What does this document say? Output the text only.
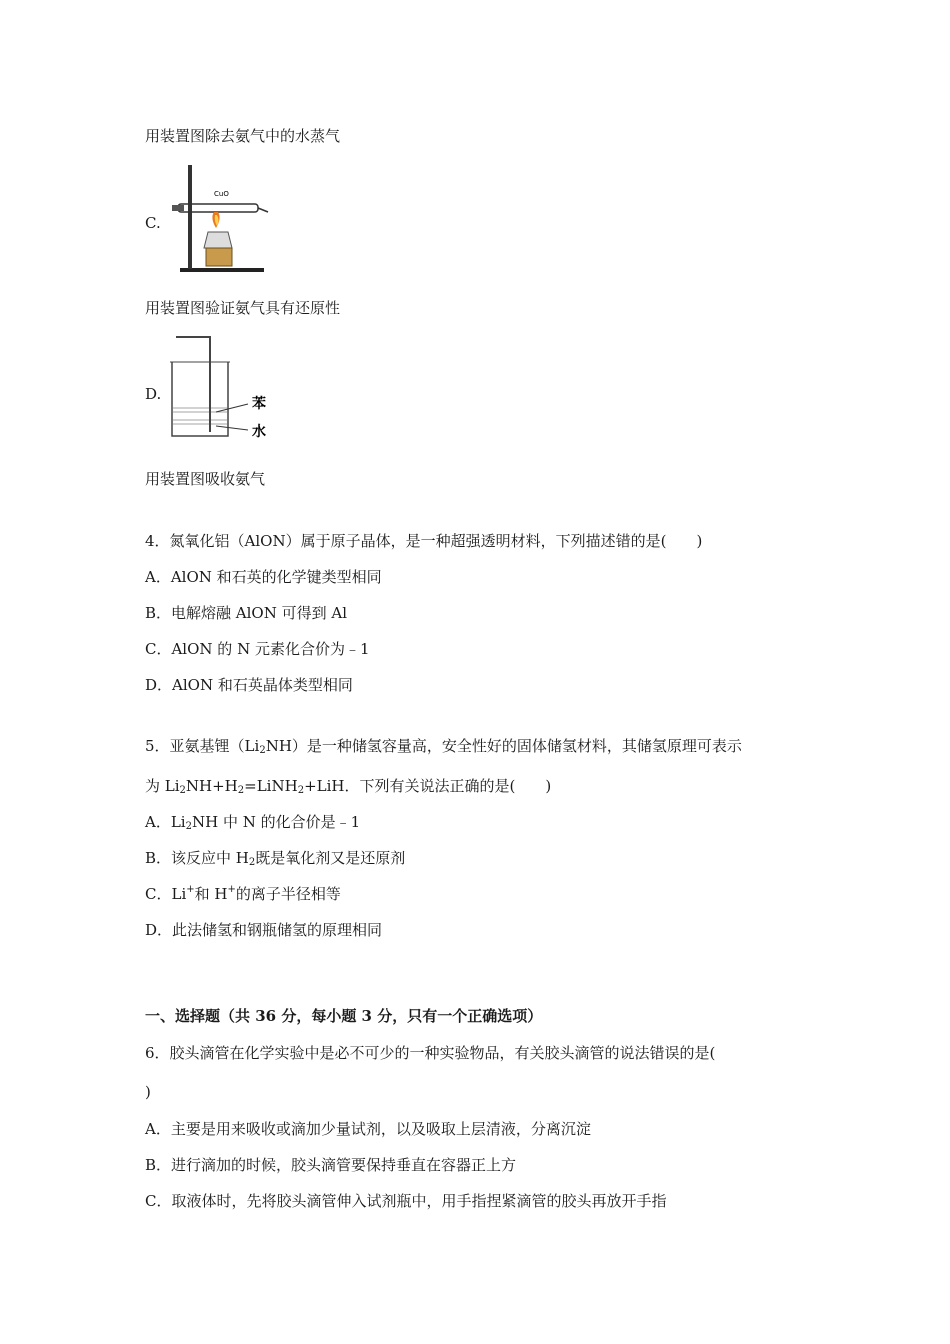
用装置图除去氨气中的水蒸气
C.
CuO
用装置图验证氨气具有还原性
D.
苯
水
用装置图吸收氨气
4．氮氧化铝（AlON）属于原子晶体，是一种超强透明材料，下列描述错的是(　　)
A．AlON 和石英的化学键类型相同
B．电解熔融 AlON 可得到 Al
C．AlON 的 N 元素化合价为﹣1
D．AlON 和石英晶体类型相同
5．亚氨基锂$(Li_2NH)$是一种储氢容量高，安全性好的固体储氢材料，其储氢原理可表示
为 $Li_2NH+H_2=LiNH_2+LiH$．下列有关说法正确的是(　　)
A．$Li_2NH$ 中 N 的化合价是﹣1
B．该反应中 $H_2$既是氧化剂又是还原剂
C．Li+和 H+的离子半径相等
D．此法储氢和钢瓶储氢的原理相同
一、选择题（共 36 分，每小题 3 分，只有一个正确选项）
6．胶头滴管在化学实验中是必不可少的一种实验物品，有关胶头滴管的说法错误的是(
)
A．主要是用来吸收或滴加少量试剂，以及吸取上层清液，分离沉淀
B．进行滴加的时候，胶头滴管要保持垂直在容器正上方
C．取液体时，先将胶头滴管伸入试剂瓶中，用手指捏紧滴管的胶头再放开手指
